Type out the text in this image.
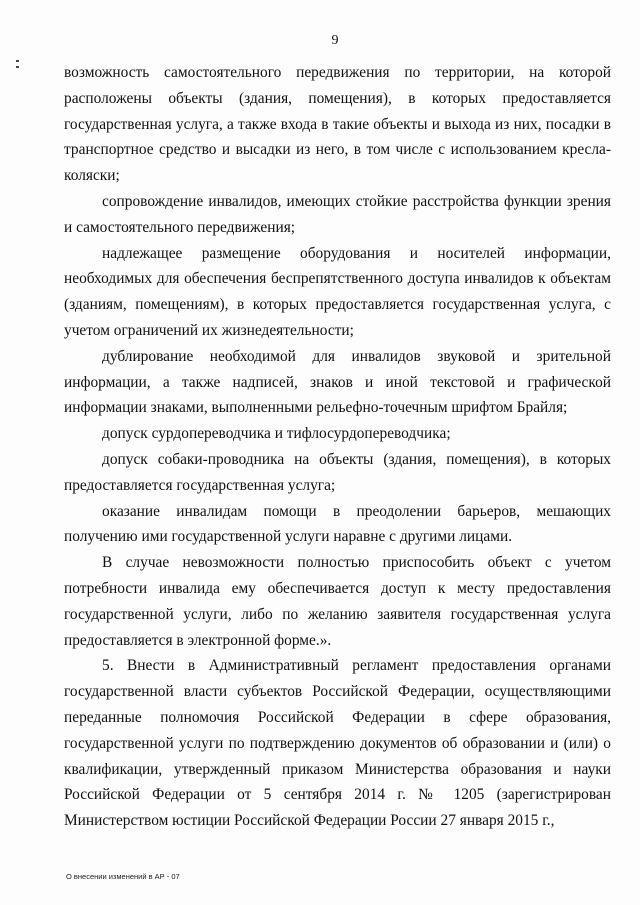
9

возможность самостоятельного передвижения по территории, на которой расположены объекты (здания, помещения), в которых предоставляется государственная услуга, а также входа в такие объекты и выхода из них, посадки в транспортное средство и высадки из него, в том числе с использованием кресла-коляски;

сопровождение инвалидов, имеющих стойкие расстройства функции зрения и самостоятельного передвижения;

надлежащее размещение оборудования и носителей информации, необходимых для обеспечения беспрепятственного доступа инвалидов к объектам (зданиям, помещениям), в которых предоставляется государственная услуга, с учетом ограничений их жизнедеятельности;

дублирование необходимой для инвалидов звуковой и зрительной информации, а также надписей, знаков и иной текстовой и графической информации знаками, выполненными рельефно-точечным шрифтом Брайля;

допуск сурдопереводчика и тифлосурдопереводчика;

допуск собаки-проводника на объекты (здания, помещения), в которых предоставляется государственная услуга;

оказание инвалидам помощи в преодолении барьеров, мешающих получению ими государственной услуги наравне с другими лицами.

В случае невозможности полностью приспособить объект с учетом потребности инвалида ему обеспечивается доступ к месту предоставления государственной услуги, либо по желанию заявителя государственная услуга предоставляется в электронной форме.».

5. Внести в Административный регламент предоставления органами государственной власти субъектов Российской Федерации, осуществляющими переданные полномочия Российской Федерации в сфере образования, государственной услуги по подтверждению документов об образовании и (или) о квалификации, утвержденный приказом Министерства образования и науки Российской Федерации от 5 сентября 2014 г. № 1205 (зарегистрирован Министерством юстиции Российской Федерации России 27 января 2015 г.,

О внесении изменений в АР - 07
